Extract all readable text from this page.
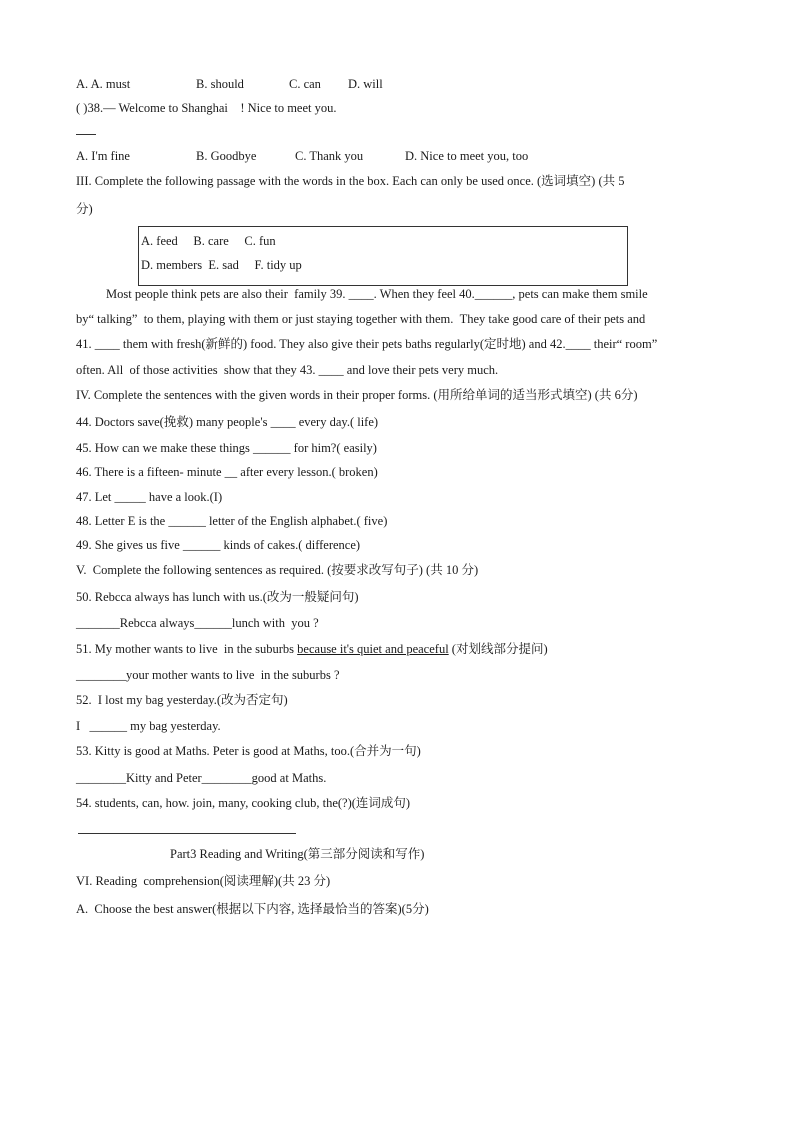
A. A. must	B. should	C. can D. will
( )38.— Welcome to Shanghai　! Nice to meet you.
A. I'm fine	B. Goodbye	C. Thank you	D. Nice to meet you, too
III. Complete the following passage with the words in the box. Each can only be used once. (选词填空) (共 5
分)
A. feed　 B. care　 C. fun
D. members E. sad　 F. tidy up
Most people think pets are also their family 39. ____. When they feel 40.______, pets can make them smile
by“ talking” to them, playing with them or just staying together with them. They take good care of their pets and
41. ____ them with fresh(新鲜的) food. They also give their pets baths regularly(定时地) and 42.____ their“ room”
often. All of those activities show that they 43. ____ and love their pets very much.
IV. Complete the sentences with the given words in their proper forms. (用所给单词的适当形式填空) (共 6分)
44. Doctors save(挽救) many people's ____ every day.( life)
45. How can we make these things ______ for him?( easily)
46. There is a fifteen- minute __ after every lesson.( broken)
47. Let _____ have a look.(I)
48. Letter E is the ______ letter of the English alphabet.( five)
49. She gives us five ______ kinds of cakes.( difference)
V. Complete the following sentences as required. (按要求改写句子) (共 10 分)
50. Rebcca always has lunch with us.(改为一般疑问句)
_______Rebcca always______lunch with you ?
51. My mother wants to live in the suburbs because it's quiet and peaceful (对划线部分提问)
________your mother wants to live in the suburbs ?
52. I lost my bag yesterday.(改为否定句)
I  ______ my bag yesterday.
53. Kitty is good at Maths. Peter is good at Maths, too.(合并为一句)
________Kitty and Peter________good at Maths.
54. students, can, how. join, many, cooking club, the(?)(连词成句)
Part3 Reading and Writing(第三部分阅读和写作)
VI. Reading comprehension(阅读理解)(共 23 分)
A. Choose the best answer(根据以下内容, 选择最恰当的答案)(5分)
